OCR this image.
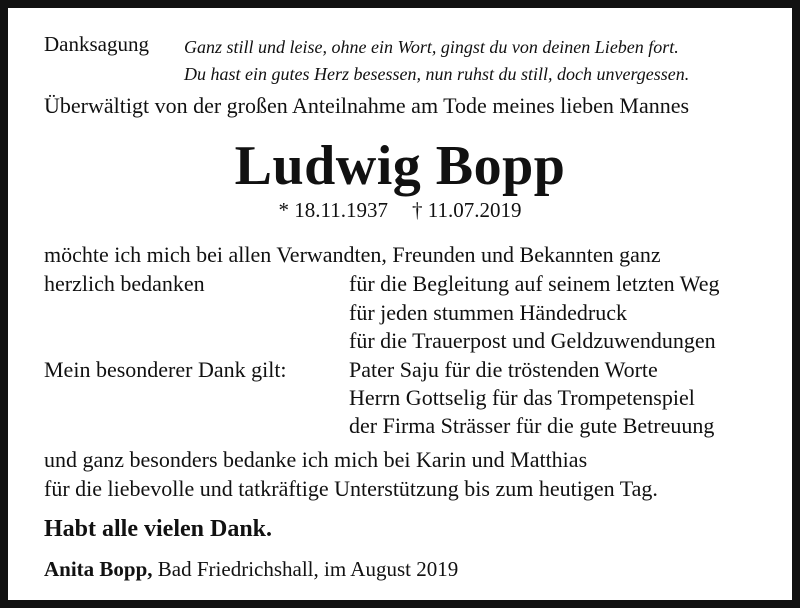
Danksagung Ganz still und leise, ohne ein Wort, gingst du von deinen Lieben fort.
Du hast ein gutes Herz besessen, nun ruhst du still, doch unvergessen.
Überwältigt von der großen Anteilnahme am Tode meines lieben Mannes
Ludwig Bopp
* 18.11.1937 † 11.07.2019
möchte ich mich bei allen Verwandten, Freunden und Bekannten ganz
herzlich bedanken	für die Begleitung auf seinem letzten Weg
für jeden stummen Händedruck
für die Trauerpost und Geldzuwendungen
Mein besonderer Dank gilt:	Pater Saju für die tröstenden Worte
Herrn Gottselig für das Trompetenspiel
der Firma Strässer für die gute Betreuung
und ganz besonders bedanke ich mich bei Karin und Matthias
für die liebevolle und tatkräftige Unterstützung bis zum heutigen Tag.
Habt alle vielen Dank.
Anita Bopp, Bad Friedrichshall, im August 2019
